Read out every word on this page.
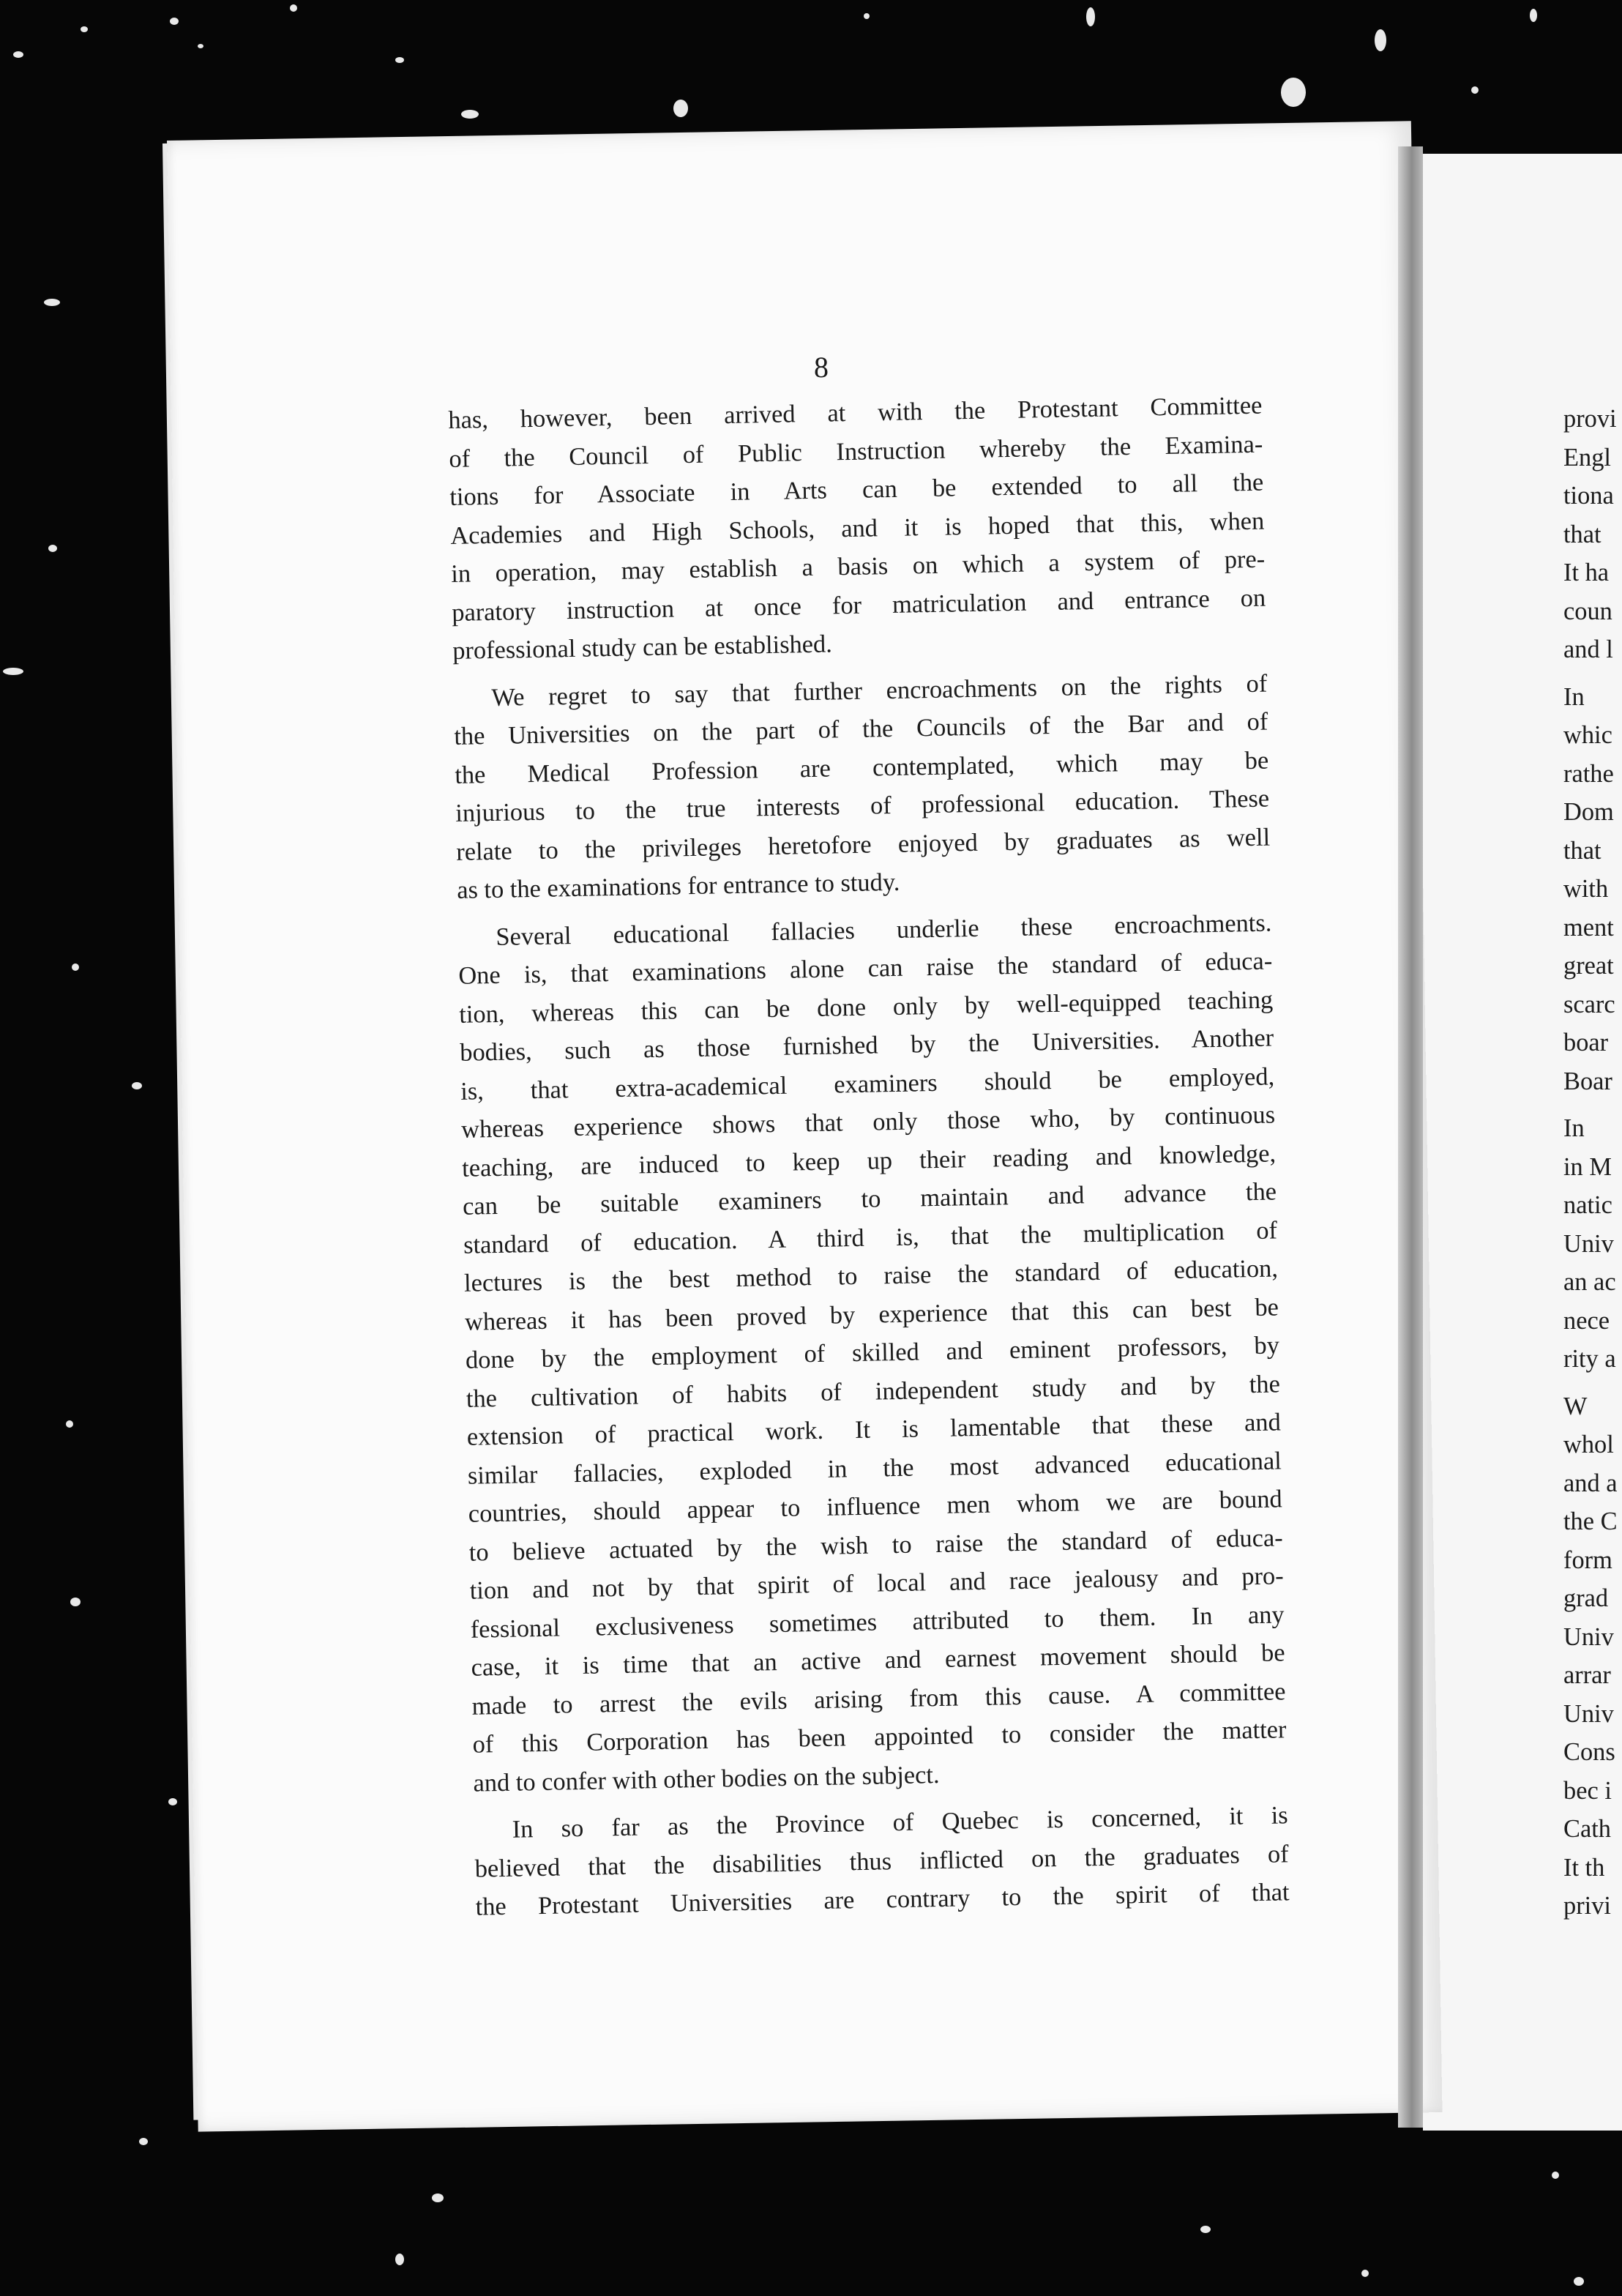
8
has, however, been arrived at with the Protestant Committee
of the Council of Public Instruction whereby the Examina-
tions for Associate in Arts can be extended to all the
Academies and High Schools, and it is hoped that this, when
in operation, may establish a basis on which a system of pre-
paratory instruction at once for matriculation and entrance on
professional study can be established.
We regret to say that further encroachments on the rights of
the Universities on the part of the Councils of the Bar and of
the Medical Profession are contemplated, which may be
injurious to the true interests of professional education. These
relate to the privileges heretofore enjoyed by graduates as well
as to the examinations for entrance to study.
Several educational fallacies underlie these encroachments.
One is, that examinations alone can raise the standard of educa-
tion, whereas this can be done only by well-equipped teaching
bodies, such as those furnished by the Universities. Another
is, that extra-academical examiners should be employed,
whereas experience shows that only those who, by continuous
teaching, are induced to keep up their reading and knowledge,
can be suitable examiners to maintain and advance the
standard of education. A third is, that the multiplication of
lectures is the best method to raise the standard of education,
whereas it has been proved by experience that this can best be
done by the employment of skilled and eminent professors, by
the cultivation of habits of independent study and by the
extension of practical work. It is lamentable that these and
similar fallacies, exploded in the most advanced educational
countries, should appear to influence men whom we are bound
to believe actuated by the wish to raise the standard of educa-
tion and not by that spirit of local and race jealousy and pro-
fessional exclusiveness sometimes attributed to them. In any
case, it is time that an active and earnest movement should be
made to arrest the evils arising from this cause. A committee
of this Corporation has been appointed to consider the matter
and to confer with other bodies on the subject.
In so far as the Province of Quebec is concerned, it is
believed that the disabilities thus inflicted on the graduates of
the Protestant Universities are contrary to the spirit of that
provi
Engl
tiona
that
It ha
coun
and l
In
whic
rathe
Dom
that
with
ment
great
scarc
boar
Boar
In
in M
natic
Univ
an ac
nece
rity a
W
whol
and a
the C
form
grad
Univ
arrar
Univ
Cons
bec i
Cath
It th
privi
